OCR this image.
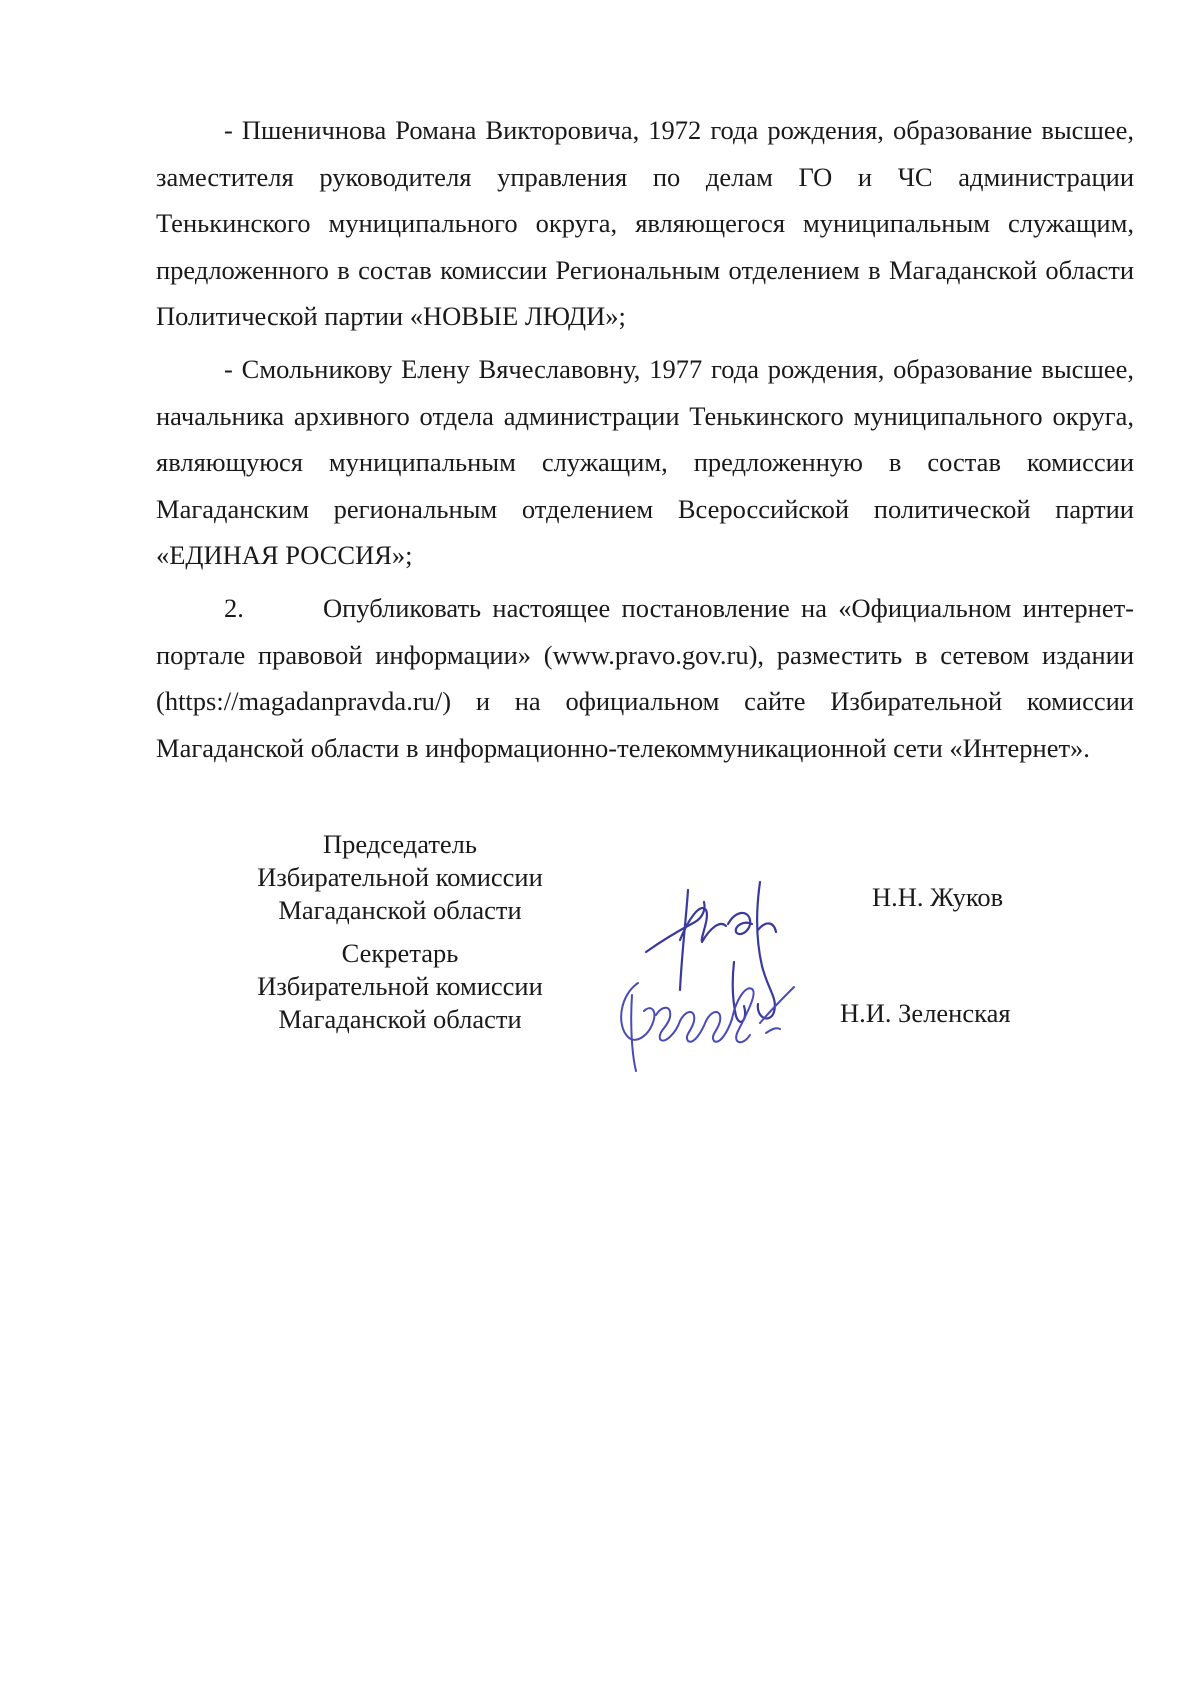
- Пшеничнова Романа Викторовича, 1972 года рождения, образование высшее, заместителя руководителя управления по делам ГО и ЧС администрации Тенькинского муниципального округа, являющегося муниципальным служащим, предложенного в состав комиссии Региональным отделением в Магаданской области Политической партии «НОВЫЕ ЛЮДИ»;

- Смольникову Елену Вячеславовну, 1977 года рождения, образование высшее, начальника архивного отдела администрации Тенькинского муниципального округа, являющуюся муниципальным служащим, предложенную в состав комиссии Магаданским региональным отделением Всероссийской политической партии «ЕДИНАЯ РОССИЯ»;

2.       Опубликовать настоящее постановление на «Официальном интернет-портале правовой информации» (www.pravo.gov.ru), разместить в сетевом издании (https://magadanpravda.ru/) и на официальном сайте Избирательной комиссии Магаданской области в информационно-телекоммуникационной сети «Интернет».

Председатель
Избирательной комиссии
Магаданской области	Н.Н. Жуков
Секретарь
Избирательной комиссии
Магаданской области	Н.И. Зеленская
